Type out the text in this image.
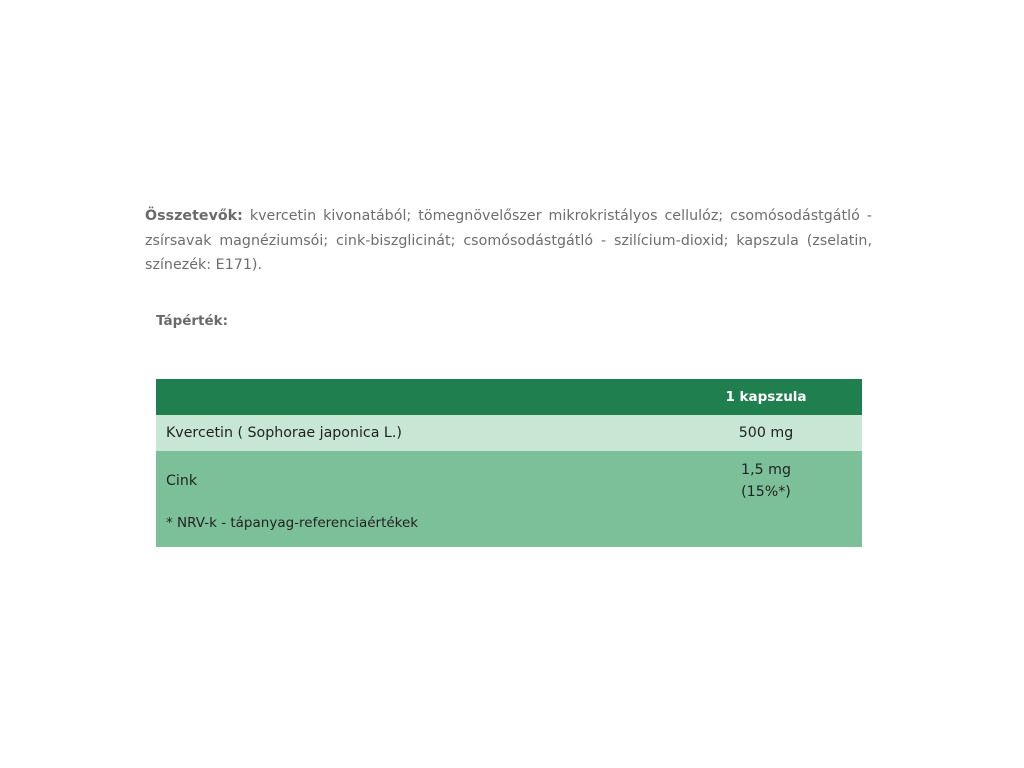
Összetevők: kvercetin kivonatából; tömegnövelőszer mikrokristályos cellulóz; csomósodástgátló - zsírsavak magnéziumsói; cink-biszglicinát; csomósodástgátló - szilícium-dioxid; kapszula (zselatin, színezék: E171).

Tápérték:
1 kapszula
Kvercetin ( Sophorae japonica L.)	500 mg
Cink
1,5 mg
(15%*)
* NRV-k - tápanyag-referenciaértékek
